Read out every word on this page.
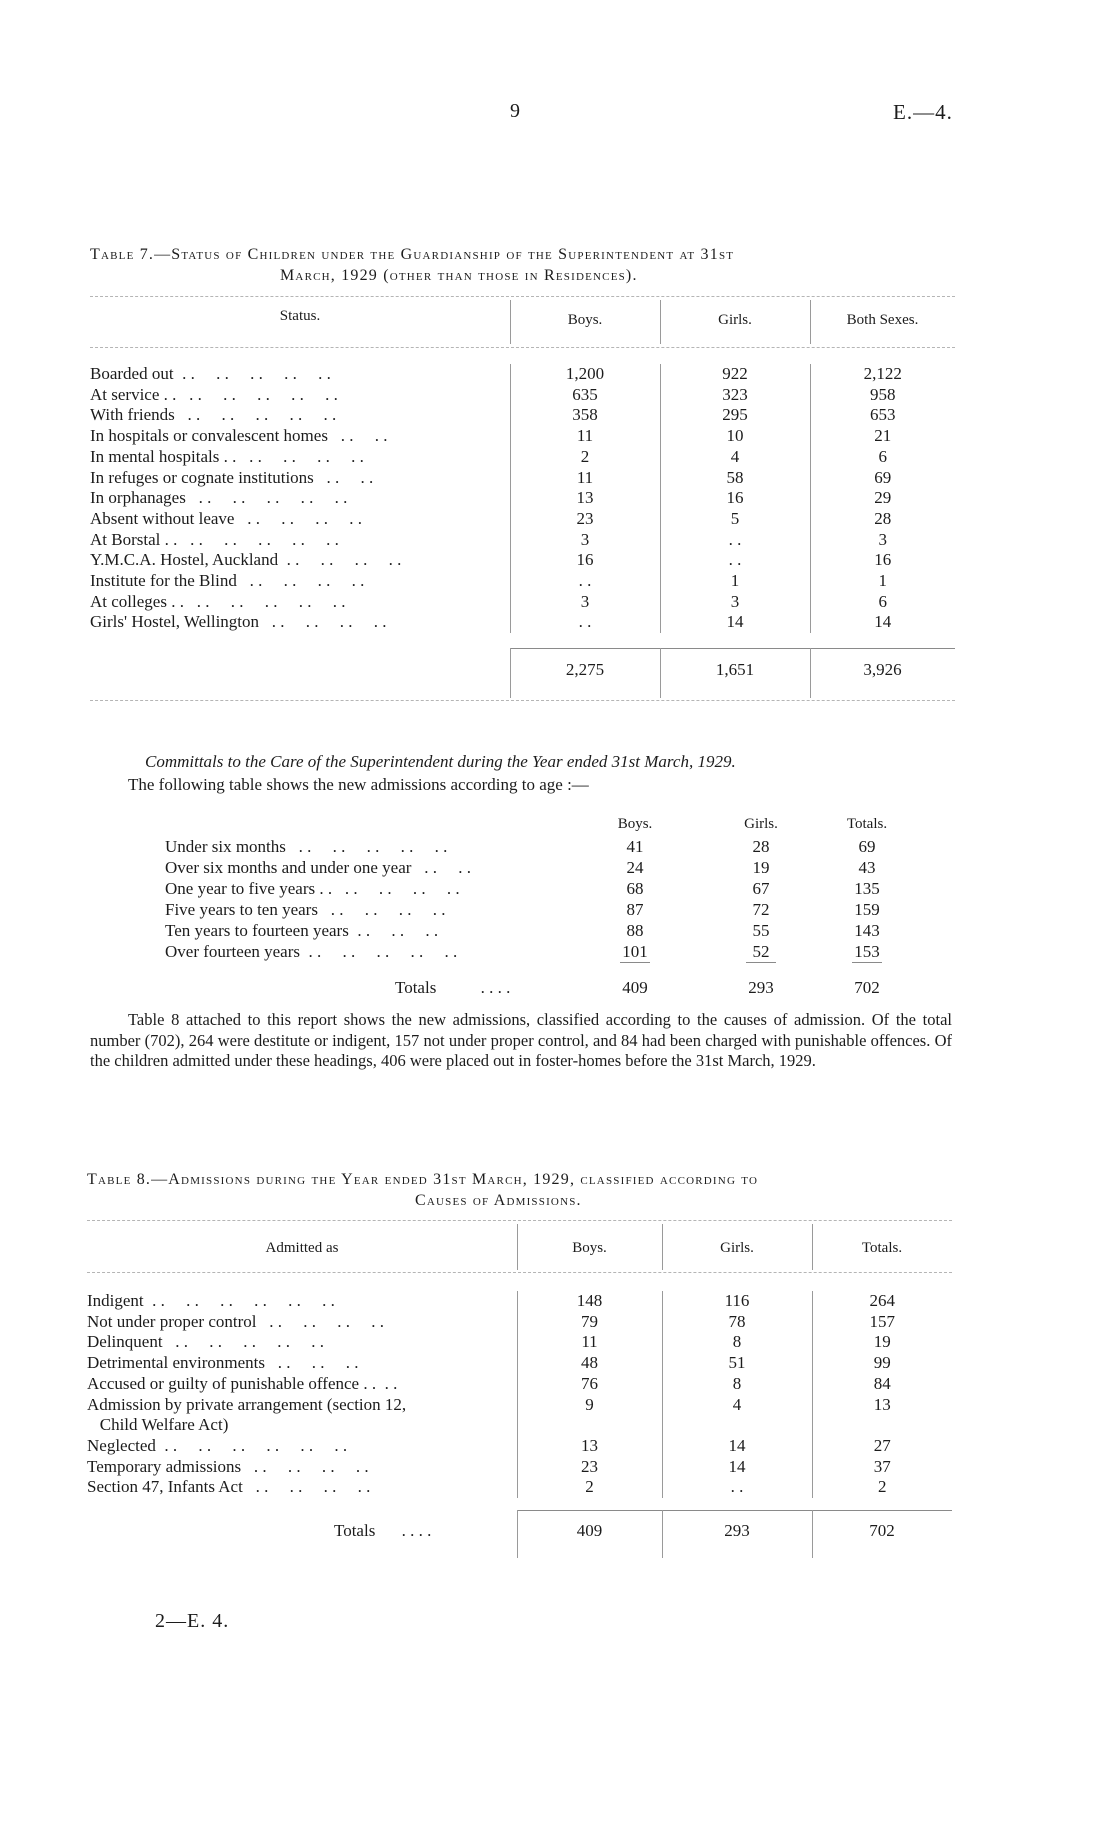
9	E.—4.
Table 7.—Status of Children under the Guardianship of the Superintendent at 31st
March, 1929 (other than those in Residences).
Status.	Boys.	Girls.	Both Sexes.
Boarded out  . .     . .     . .     . .     . .	1,200	922	2,122
At service . .   . .     . .     . .     . .     . .	635	323	958
With friends   . .     . .     . .     . .     . .	358	295	653
In hospitals or convalescent homes   . .     . .	11	10	21
In mental hospitals . .   . .     . .     . .     . .	2	4	6
In refuges or cognate institutions   . .     . .	11	58	69
In orphanages   . .     . .     . .     . .     . .	13	16	29
Absent without leave   . .     . .     . .     . .	23	5	28
At Borstal . .   . .     . .     . .     . .     . .	3	. .	3
Y.M.C.A. Hostel, Auckland  . .     . .     . .     . .	16	. .	16
Institute for the Blind   . .     . .     . .     . .	. .	1	1
At colleges . .   . .     . .     . .     . .     . .	3	3	6
Girls' Hostel, Wellington   . .     . .     . .     . .	. .	14	14
2,275	1,651	3,926
Committals to the Care of the Superintendent during the Year ended 31st March, 1929.
The following table shows the new admissions according to age :—
Boys.	Girls.	Totals.
Under six months   . .     . .     . .     . .     . .	41	28	69
Over six months and under one year   . .     . .	24	19	43
One year to five years . .   . .     . .     . .     . .	68	67	135
Five years to ten years   . .     . .     . .     . .	87	72	159
Ten years to fourteen years  . .     . .     . .	88	55	143
Over fourteen years  . .     . .     . .     . .     . .	101	52	153
Totals	. . . .	409	293	702
Table 8 attached to this report shows the new admissions, classified according to the causes of admission. Of the total number (702), 264 were destitute or indigent, 157 not under proper control, and 84 had been charged with punishable offences. Of the children admitted under these headings, 406 were placed out in foster-homes before the 31st March, 1929.
Table 8.—Admissions during the Year ended 31st March, 1929, classified according to
Causes of Admissions.
Admitted as	Boys.	Girls.	Totals.
Indigent  . .     . .     . .     . .     . .     . .	148	116	264
Not under proper control   . .     . .     . .     . .	79	78	157
Delinquent   . .     . .     . .     . .     . .	11	8	19
Detrimental environments   . .     . .     . .	48	51	99
Accused or guilty of punishable offence . .  . .	76	8	84
Admission by private arrangement (section 12,	9	4	13
Child Welfare Act)			
Neglected  . .     . .     . .     . .     . .     . .	13	14	27
Temporary admissions   . .     . .     . .     . .	23	14	37
Section 47, Infants Act   . .     . .     . .     . .	2	. .	2
Totals . . . .	409	293	702
2—E. 4.
